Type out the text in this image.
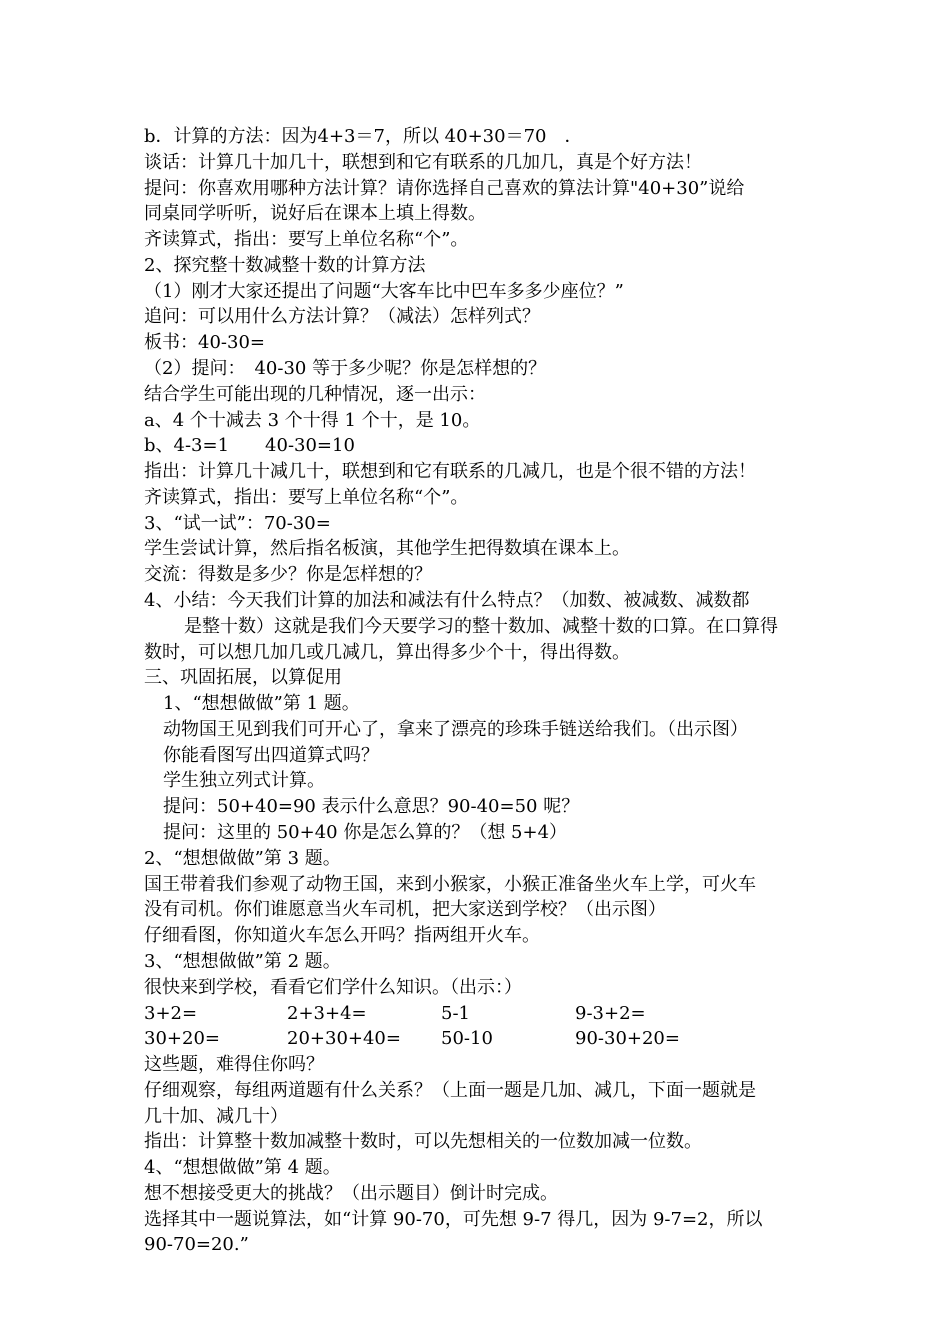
b．计算的方法：因为4+3＝7，所以 40+30＝70　．
谈话：计算几十加几十，联想到和它有联系的几加几，真是个好方法！
提问：你喜欢用哪种方法计算？请你选择自己喜欢的算法计算"40+30”说给
同桌同学听听，说好后在课本上填上得数。
齐读算式，指出：要写上单位名称“个”。
2、探究整十数减整十数的计算方法
（1）刚才大家还提出了问题“大客车比中巴车多多少座位？”
追问：可以用什么方法计算？（减法）怎样列式？
板书：40-30=
（2）提问：　40-30 等于多少呢？你是怎样想的？
结合学生可能出现的几种情况，逐一出示：
a、4 个十减去 3 个十得 1 个十，是 10。
b、4-3=1　　40-30=10
指出：计算几十减几十，联想到和它有联系的几减几，也是个很不错的方法！
齐读算式，指出：要写上单位名称“个”。
3、“试一试”：70-30=
学生尝试计算，然后指名板演，其他学生把得数填在课本上。
交流：得数是多少？你是怎样想的？
4、小结：今天我们计算的加法和减法有什么特点？（加数、被减数、减数都
是整十数）这就是我们今天要学习的整十数加、减整十数的口算。在口算得
数时，可以想几加几或几减几，算出得多少个十，得出得数。
三、巩固拓展，以算促用
1、“想想做做”第 1 题。
动物国王见到我们可开心了，拿来了漂亮的珍珠手链送给我们。（出示图）
你能看图写出四道算式吗？
学生独立列式计算。
提问：50+40=90 表示什么意思？90-40=50 呢？
提问：这里的 50+40 你是怎么算的？（想 5+4）
2、“想想做做”第 3 题。
国王带着我们参观了动物王国，来到小猴家，小猴正准备坐火车上学，可火车
没有司机。你们谁愿意当火车司机，把大家送到学校？（出示图）
仔细看图，你知道火车怎么开吗？指两组开火车。
3、“想想做做”第 2 题。
很快来到学校，看看它们学什么知识。（出示：）
3+2=	2+3+4=	5-1	9-3+2=
30+20=	20+30+40= 50-10	90-30+20=
这些题，难得住你吗？
仔细观察，每组两道题有什么关系？（上面一题是几加、减几，下面一题就是
几十加、减几十）
指出：计算整十数加减整十数时，可以先想相关的一位数加减一位数。
4、“想想做做”第 4 题。
想不想接受更大的挑战？（出示题目）倒计时完成。
选择其中一题说算法，如“计算 90-70，可先想 9-7 得几，因为 9-7=2，所以
90-70=20.”
